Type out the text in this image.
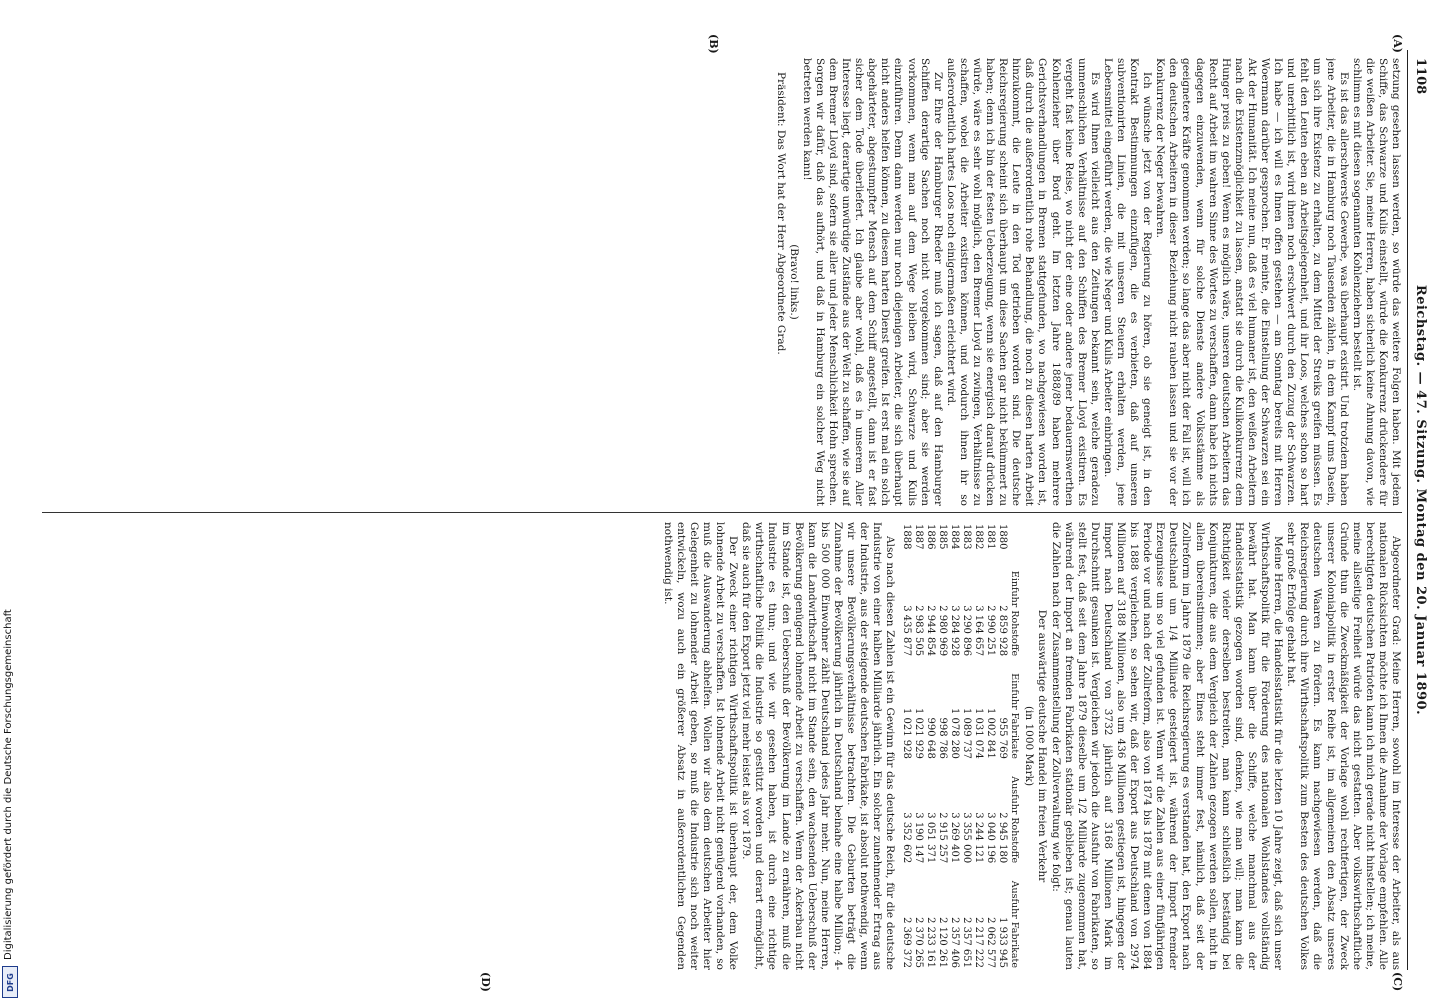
1108
Reichstag. — 47. Sitzung. Montag den 20. Januar 1890.
(A)
(B)
(C)
(D)

setzung gesehen lassen werden, so würde das weitere Folgen haben. Mit jedem Schiffe, das Schwarze und Kulis einstellt, würde die Konkurrenz drückendere für die weißen Arbeiter. Sie, meine Herren, haben sicherlich keine Ahnung davon, wie schlimm es mit diesen sogenannten Kohlenziehern bestellt ist.

Es ist das allerschwerste Gewerbe, was überhaupt existirt. Und trotzdem haben jene Arbeiter, die in Hamburg noch Tausenden zählen, in dem Kampf ums Dasein, um sich ihre Existenz zu erhalten, zu dem Mittel der Streiks greifen müssen. Es fehlt den Leuten eben an Arbeitsgelegenheit, und ihr Loos, welches schon so hart und unerbittlich ist, wird ihnen noch erschwert durch den Zuzug der Schwarzen. Ich habe — ich will es Ihnen offen gestehen — am Sonntag bereits mit Herren Woermann darüber gesprochen. Er meinte, die Einstellung der Schwarzen sei ein Akt der Humanität. Ich meine nun, daß es viel humaner ist, den weißen Arbeitern nach die Existenzmöglichkeit zu lassen, anstatt sie durch die Kulikonkurrenz dem Hunger preis zu geben! Wenn es möglich wäre, unseren deutschen Arbeitern das Recht auf Arbeit im wahren Sinne des Wortes zu verschaffen, dann habe ich nichts dagegen einzuwenden, wenn für solche Dienste andere Volksstämme als geeignetere Kräfte genommen werden; so lange das aber nicht der Fall ist, will ich den deutschen Arbeitern in dieser Beziehung nicht rauben lassen und sie vor der Konkurrenz der Neger bewahren.

Ich wünsche jetzt von der Regierung zu hören, ob sie geneigt ist, in den Kontrakt Bestimmungen einzufügen, die es verbieten, daß auf unseren subventionirten Linien, die mit unseren Steuern erhalten werden, jene Lebensmittel eingeführt werden, die wie Neger und Kulis Arbeiter einbringen.

Es wird Ihnen vielleicht aus den Zeitungen bekannt sein, welche geradezu unmenschlichen Verhältnisse auf den Schiffen des Bremer Lloyd existiren. Es vergeht fast keine Reise, wo nicht der eine oder andere jener bedauernswerthen Kohlenzieher über Bord geht. Im letzten Jahre 1888/89 haben mehrere Gerichtsverhandlungen in Bremen stattgefunden, wo nachgewiesen worden ist, daß durch die außerordentlich rohe Behandlung, die noch zu diesen harten Arbeit hinzukommt, die Leute in den Tod getrieben worden sind. Die deutsche Reichsregierung scheint sich überhaupt um diese Sachen gar nicht bekümmert zu haben; denn ich bin der festen Ueberzeugung, wenn sie energisch darauf drücken würde, wäre es sehr wohl möglich, den Bremer Lloyd zu zwingen, Verhältnisse zu schaffen, wobei die Arbeiter existiren können, und wodurch ihnen ihr so außerordentlich hartes Loos noch einigermaßen erleichtert wird.

Zur Ehre der Hamburger Rheder muß ich sagen, daß auf den Hamburger Schiffen derartige Sachen noch nicht vorgekommen sind; aber sie werden vorkommen, wenn man auf dem Wege bleiben wird, Schwarze und Kulis einzuführen. Denn dann werden nur noch diejenigen Arbeiter, die sich überhaupt nicht anders helfen können, zu diesem harten Dienst greifen. Ist erst mal ein solch abgehärteter, abgestumpfter Mensch auf dem Schiff angestellt, dann ist er fast sicher dem Tode überliefert. Ich glaube aber wohl, daß es in unserem Aller Interesse liegt, derartige unwürdige Zustände aus der Welt zu schaffen, wie sie auf dem Bremer Lloyd sind, sofern sie aller und jeder Menschlichkeit Hohn sprechen. Sorgen wir dafür, daß das aufhört, und daß in Hamburg ein solcher Weg nicht betreten werden kann!

(Bravo! links.)

Präsident: Das Wort hat der Herr Abgeordnete Grad.

Abgeordneter Grad: Meine Herren, sowohl im Interesse der Arbeiter, als aus nationalen Rücksichten möchte ich Ihnen die Annahme der Vorlage empfehlen. Alle berechtigten deutschen Patrioten kann ich mich gerade nicht hinstellen; ich meine, meine allseitige Freiheit würde das nicht gestatten. Aber volkswirthschaftliche Gründe thun die Zweckmäßigkeit der Vorlage wohl rechtfertigen, der Zweck unserer Kolonialpolitik in erster Reihe ist, im allgemeinen den Absatz unseres deutschen Waaren zu fördern. Es kann nachgewiesen werden, daß die Reichsregierung durch ihre Wirthschaftspolitik zum Besten des deutschen Volkes sehr große Erfolge gehabt hat.

Meine Herren, die Handelsstatistik für die letzten 10 Jahre zeigt, daß sich unser Wirthschaftspolitik für die Förderung des nationalen Wohlstandes vollständig bewährt hat. Man kann über die Schiffe, welche manchmal aus der Handelsstatistik gezogen worden sind, denken, wie man will; man kann die Richtigkeit vieler derselben bestreiten, man kann schließlich beständig bei Konjunkturen, die aus dem Vergleich der Zahlen gezogen werden sollen, nicht in allem übereinstimmen; aber Eines steht immer fest, nämlich, daß seit der Zollreform im Jahre 1879 die Reichsregierung es verstanden hat, den Export nach Deutschland um 1/4 Milliarde gesteigert ist, während der Import fremder Erzeugnisse um so viel gefunden ist. Wenn wir die Zahlen aus einer fünfjährigen Periode vor und nach der Zollreform, also von 1874 bis 1878 mit denen von 1884 bis 1888 vergleichen, so sehen wir, daß der Export aus Deutschland von 2974 Millionen auf 3188 Millionen, also um 436 Millionen gestiegen ist, hingegen der Import nach Deutschland von 3732 jährlich auf 3168 Millionen Mark im Durchschnitt gesunken ist. Vergleichen wir jedoch die Ausfuhr von Fabrikaten, so stellt fest, daß seit dem Jahre 1879 dieselbe um 1/2 Milliarde zugenommen hat, während der Import an fremden Fabrikaten stationär geblieben ist; genau lauten die Zahlen nach der Zusammenstellung der Zollverwaltung wie folgt:

Der auswärtige deutsche Handel im freien Verkehr

(in 1000 Mark)

	Einfuhr Rohstoffe	Einfuhr Fabrikate	Ausfuhr Rohstoffe	Ausfuhr Fabrikate
1880	2 859 928	955 769	2 945 180	1 933 945
1881	2 990 251	1 002 841	3 040 196	2 062 577
1882	3 164 657	1 031 074	3 244 121	2 217 222
1883	3 290 896	1 089 737	3 355 000	2 357 651
1884	3 284 928	1 078 280	3 269 401	2 357 406
1885	2 980 969	998 786	2 915 257	2 120 261
1886	2 944 854	990 648	3 051 371	2 233 161
1887	2 983 505	1 021 929	3 190 147	2 370 265
1888	3 435 877	1 021 928	3 352 602	2 369 372

Also nach diesen Zahlen ist ein Gewinn für das deutsche Reich, für die deutsche Industrie von einer halben Milliarde jährlich. Ein solcher zunehmender Ertrag aus der Industrie, aus der steigende deutschen Fabrikate, ist absolut nothwendig, wenn wir unsere Bevölkerungsverhältnisse betrachten. Die Geburten beträgt die Zunahme der Bevölkerung jährlich in Deutschland beinahe eine halbe Million; 4- bis 500 000 Einwohner zählt Deutschland jedes Jahr mehr. Nun, meine Herren, kann die Landwirthschaft nicht im Stande sein, den wachsenden Ueberschuß der Bevölkerung genügend lohnende Arbeit zu verschaffen. Wenn der Ackerbau nicht im Stande ist, den Ueberschuß der Bevölkerung im Lande zu ernähren, muß die Industrie es thun; und wie wir gesehen haben, ist durch eine richtige wirthschaftliche Politik die Industrie so gestützt worden und derart ermöglicht, daß sie auch für den Export jetzt viel mehr leistet als vor 1879.

Der Zweck einer richtigen Wirthschaftspolitik ist überhaupt der, dem Volke lohnende Arbeit zu verschaffen. Ist lohnende Arbeit nicht genügend vorhanden, so muß die Auswanderung abhelfen. Wollen wir also dem deutschen Arbeiter hier Gelegenheit zu lohnender Arbeit geben, so muß die Industrie sich noch weiter entwickeln, wozu auch ein größerer Absatz in außerordentlichen Gegenden nothwendig ist.

Digitalisierung gefördert durch die Deutsche Forschungsgemeinschaft
DFG
